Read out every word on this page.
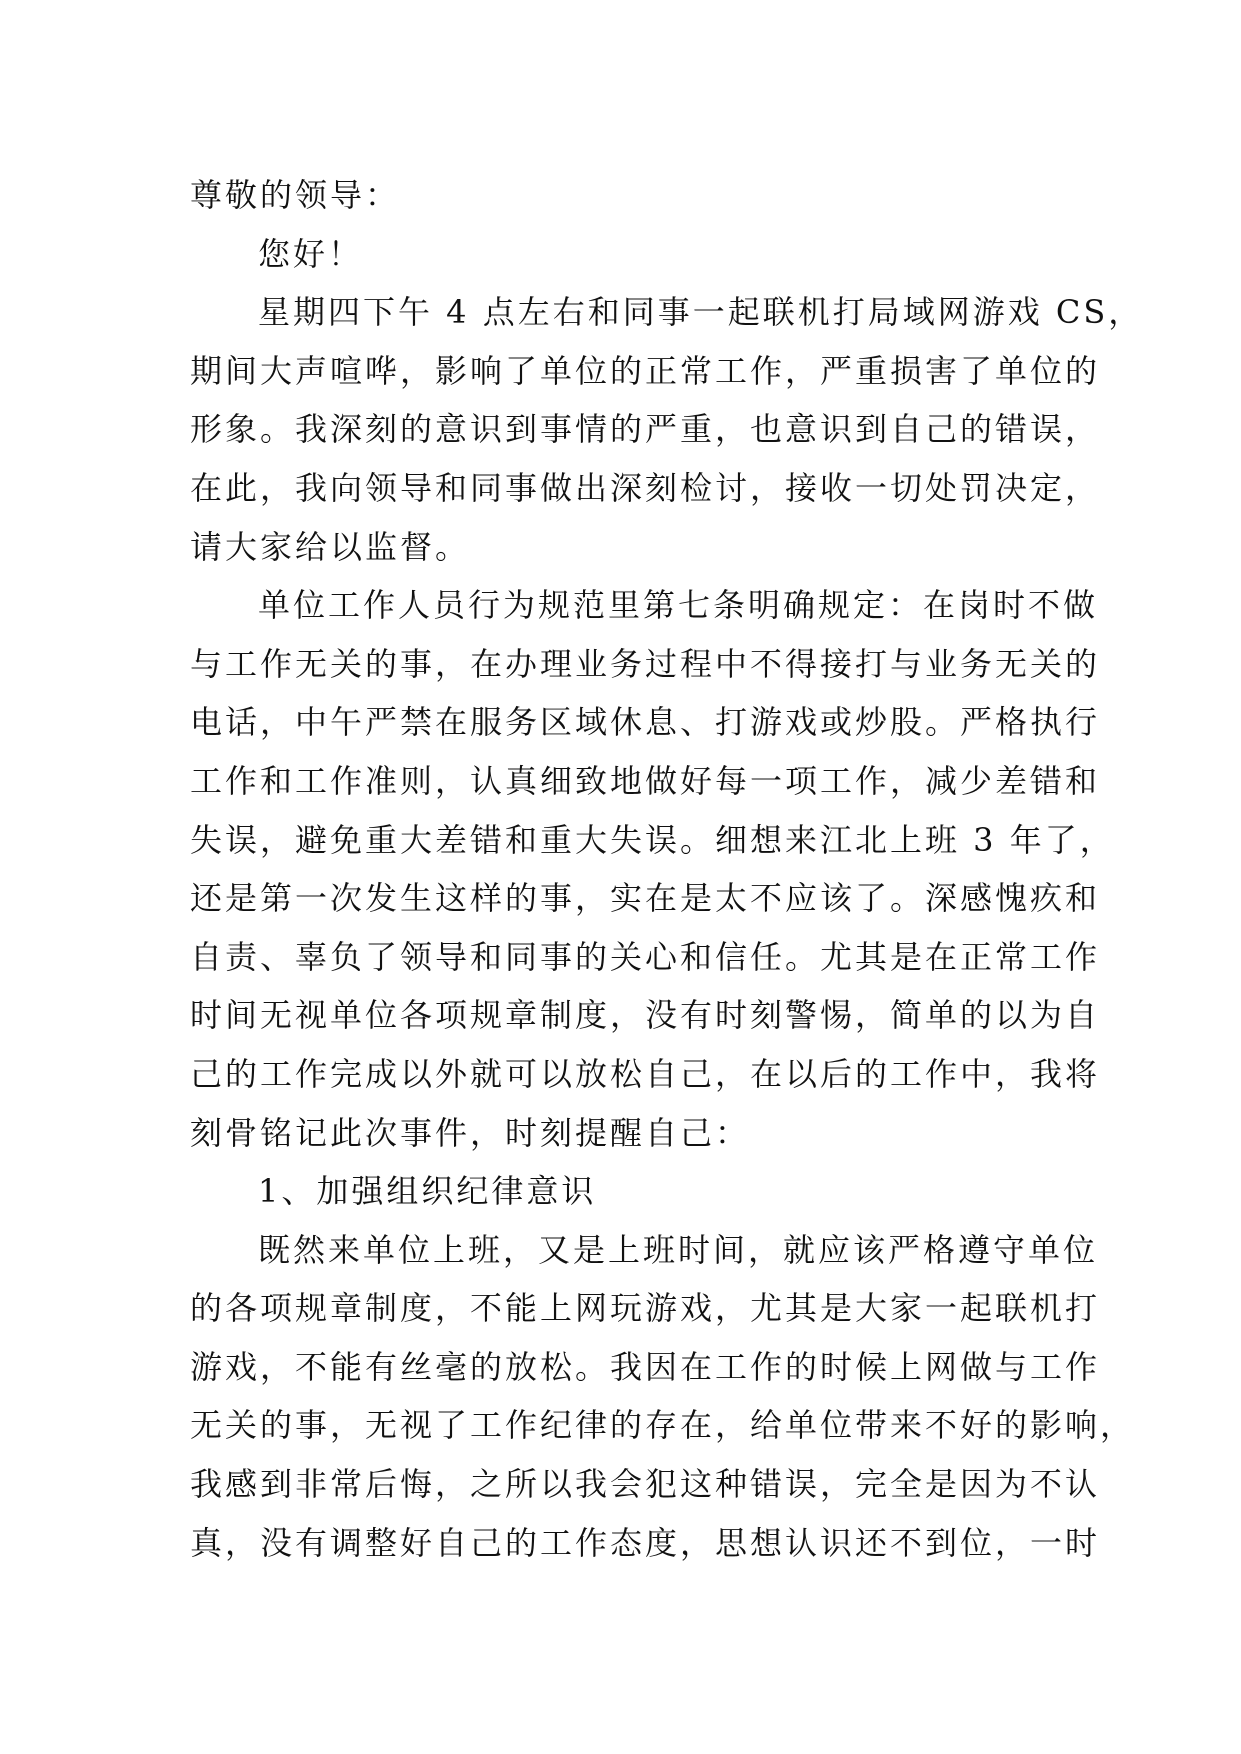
尊敬的领导：
您好！
星期四下午 4 点左右和同事一起联机打局域网游戏 CS，
期间大声喧哗，影响了单位的正常工作，严重损害了单位的
形象。我深刻的意识到事情的严重，也意识到自己的错误，
在此，我向领导和同事做出深刻检讨，接收一切处罚决定，
请大家给以监督。
单位工作人员行为规范里第七条明确规定：在岗时不做
与工作无关的事，在办理业务过程中不得接打与业务无关的
电话，中午严禁在服务区域休息、打游戏或炒股。严格执行
工作和工作准则，认真细致地做好每一项工作，减少差错和
失误，避免重大差错和重大失误。细想来江北上班 3 年了，
还是第一次发生这样的事，实在是太不应该了。深感愧疚和
自责、辜负了领导和同事的关心和信任。尤其是在正常工作
时间无视单位各项规章制度，没有时刻警惕，简单的以为自
己的工作完成以外就可以放松自己，在以后的工作中，我将
刻骨铭记此次事件，时刻提醒自己：
1、加强组织纪律意识
既然来单位上班，又是上班时间，就应该严格遵守单位
的各项规章制度，不能上网玩游戏，尤其是大家一起联机打
游戏，不能有丝毫的放松。我因在工作的时候上网做与工作
无关的事，无视了工作纪律的存在，给单位带来不好的影响，
我感到非常后悔，之所以我会犯这种错误，完全是因为不认
真，没有调整好自己的工作态度，思想认识还不到位，一时
